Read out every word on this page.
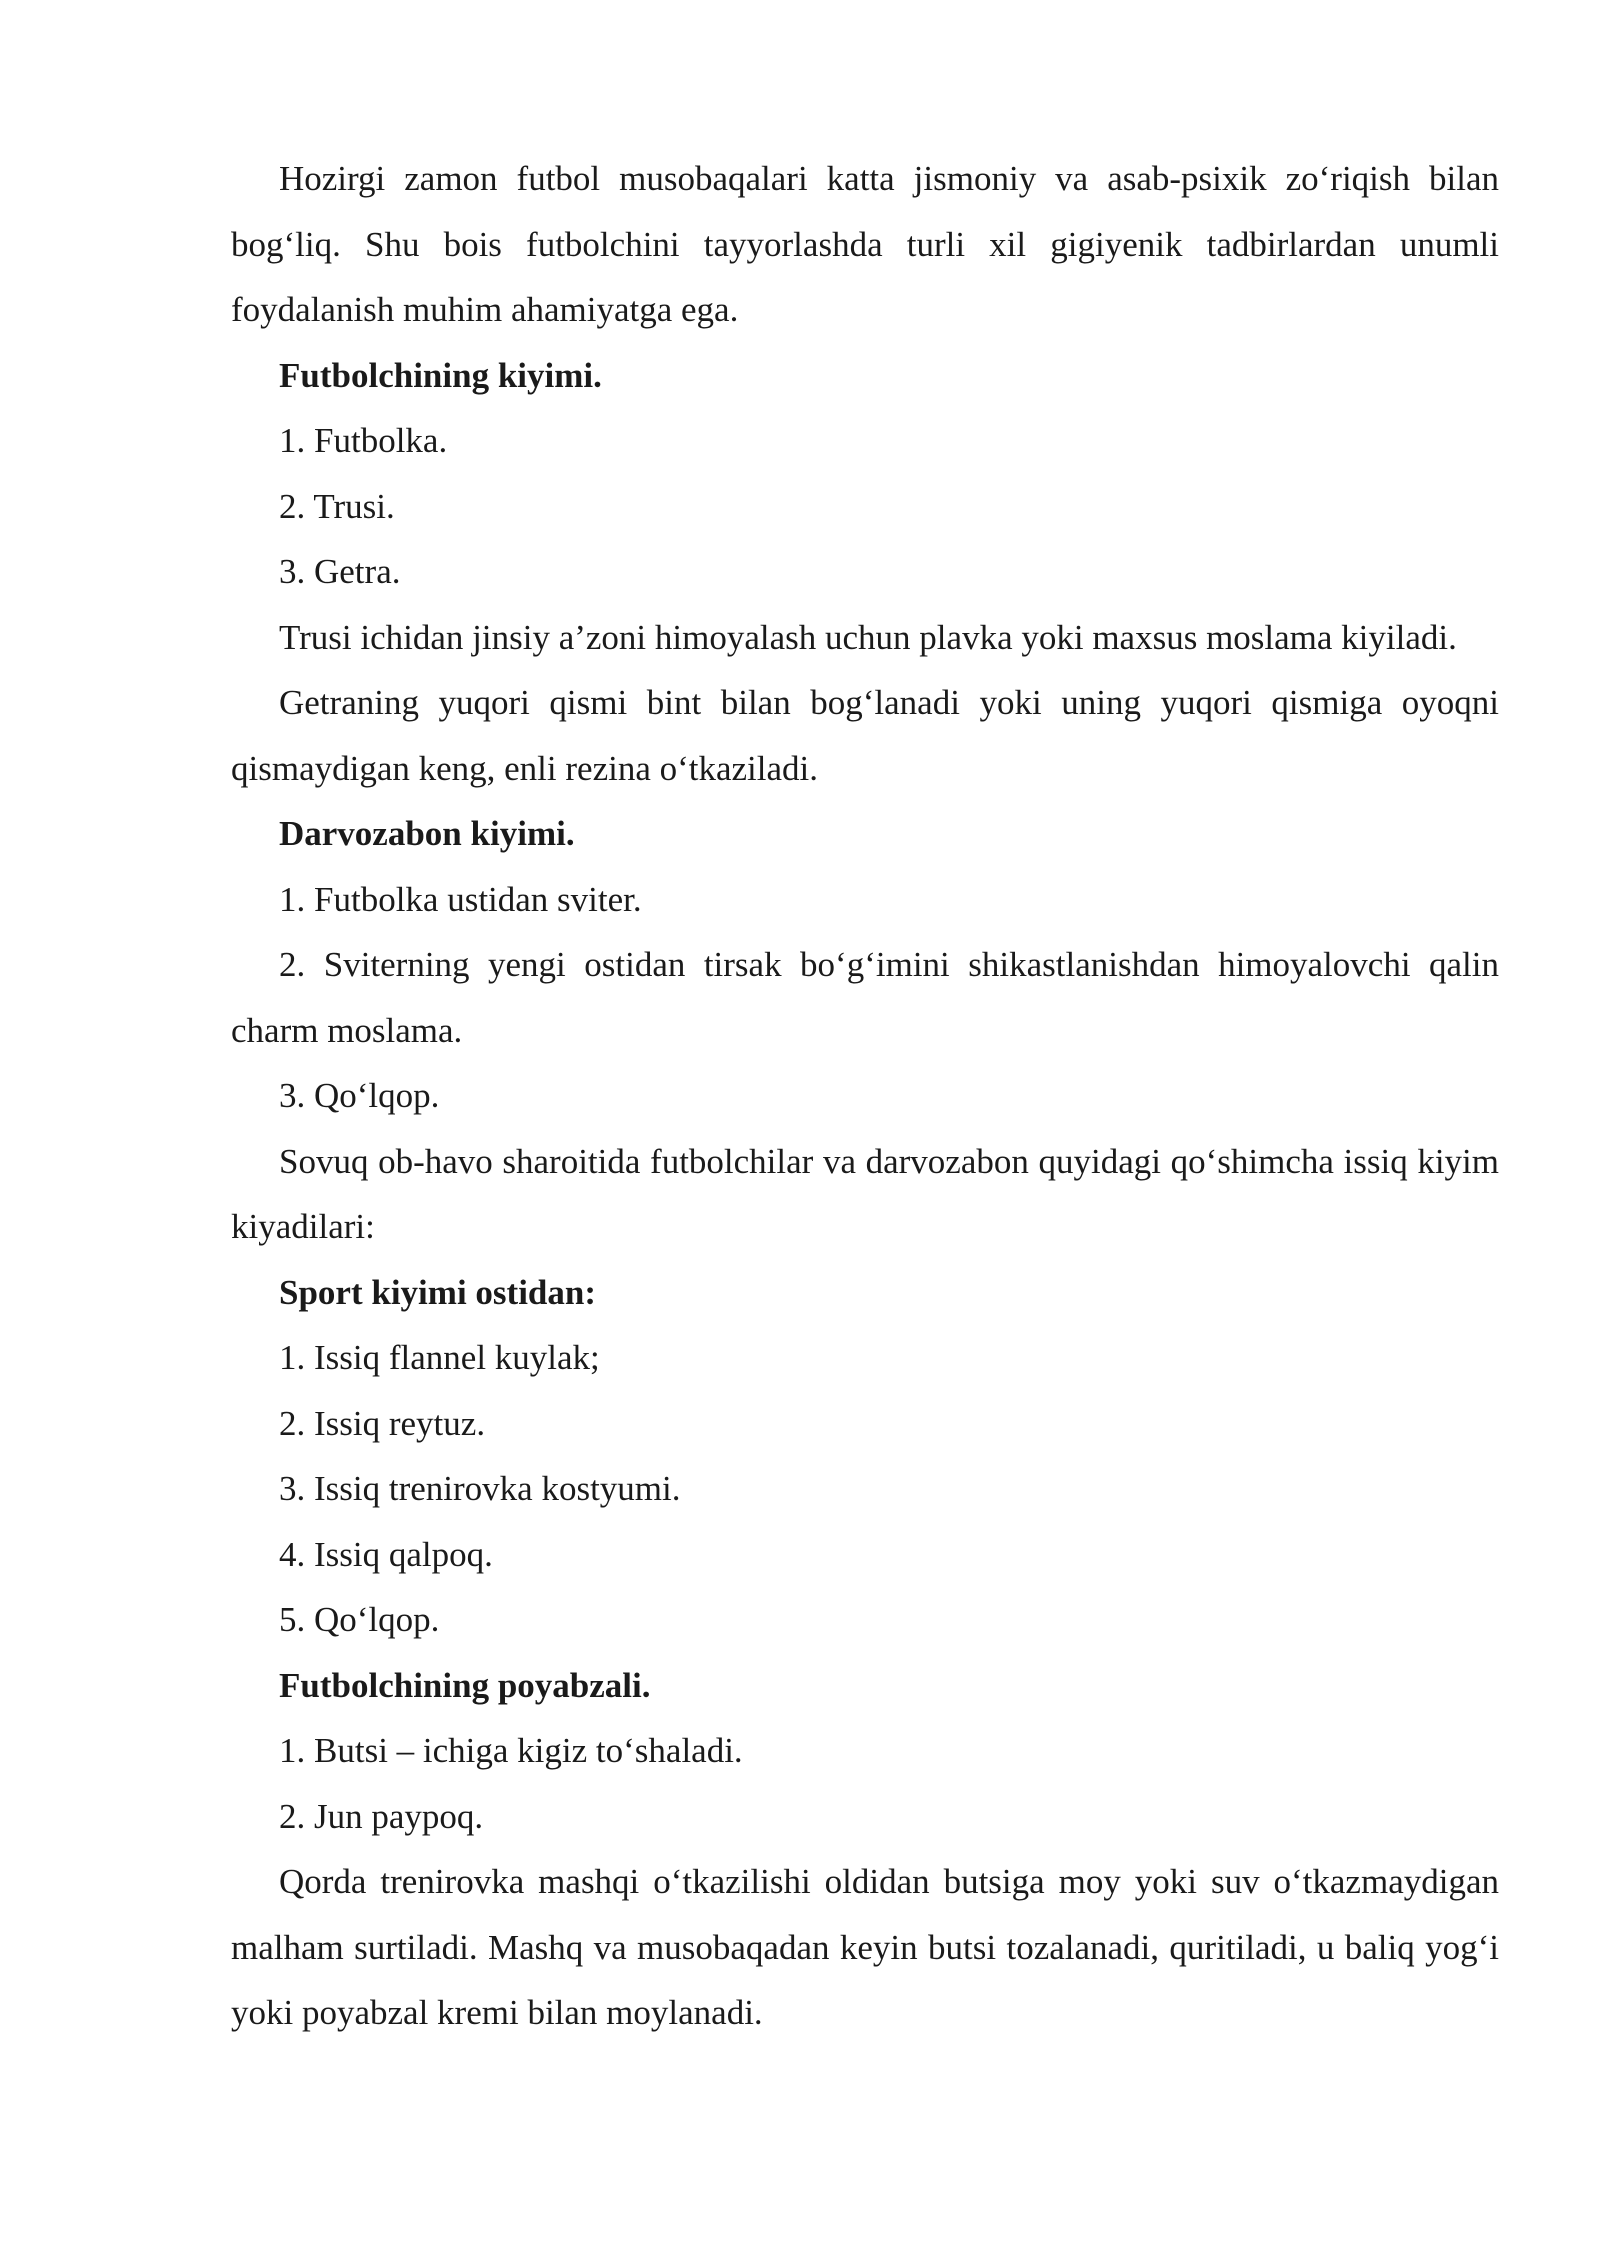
Hozirgi zamon futbol musobaqalari katta jismoniy va asab-psixik zo‘riqish bilan bog‘liq. Shu bois futbolchini tayyorlashda turli xil gigiyenik tadbirlardan unumli foydalanish muhim ahamiyatga ega.

Futbolchining kiyimi.

1. Futbolka.

2. Trusi.

3. Getra.

Trusi ichidan jinsiy a’zoni himoyalash uchun plavka yoki maxsus moslama kiyiladi.

Getraning yuqori qismi bint bilan bog‘lanadi yoki uning yuqori qismiga oyoqni qismaydigan keng, enli rezina o‘tkaziladi.

Darvozabon kiyimi.

1. Futbolka ustidan sviter.

2. Sviterning yengi ostidan tirsak bo‘g‘imini shikastlanishdan himoyalovchi qalin charm moslama.

3. Qo‘lqop.

Sovuq ob-havo sharoitida futbolchilar va darvozabon quyidagi qo‘shimcha issiq kiyim kiyadilari:

Sport kiyimi ostidan:

1. Issiq flannel kuylak;

2. Issiq reytuz.

3. Issiq trenirovka kostyumi.

4. Issiq qalpoq.

5. Qo‘lqop.

Futbolchining poyabzali.

1. Butsi – ichiga kigiz to‘shaladi.

2. Jun paypoq.

Qorda trenirovka mashqi o‘tkazilishi oldidan butsiga moy yoki suv o‘tkazmaydigan malham surtiladi. Mashq va musobaqadan keyin butsi tozalanadi, quritiladi, u baliq yog‘i yoki poyabzal kremi bilan moylanadi.
